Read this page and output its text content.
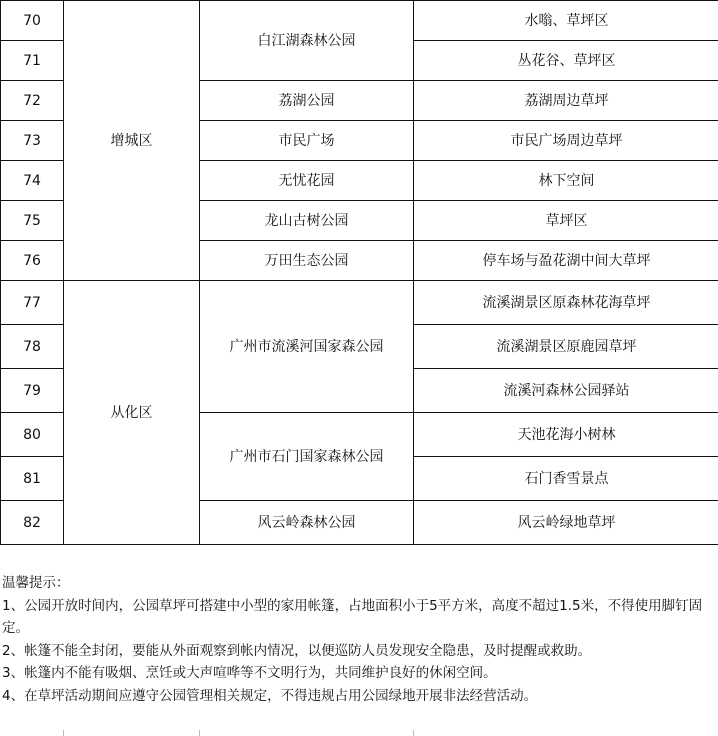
70	增城区	白江湖森林公园	水嗡、草坪区
71			丛花谷、草坪区
72		荔湖公园	荔湖周边草坪
73		市民广场	市民广场周边草坪
74		无忧花园	林下空间
75		龙山古树公园	草坪区
76		万田生态公园	停车场与盈花湖中间大草坪
77	从化区	广州市流溪河国家森公园	流溪湖景区原森林花海草坪
78			流溪湖景区原鹿园草坪
79			流溪河森林公园驿站
80		广州市石门国家森林公园	天池花海小树林
81			石门香雪景点
82		风云岭森林公园	风云岭绿地草坪

温馨提示：

1、公园开放时间内，公园草坪可搭建中小型的家用帐篷，占地面积小于5平方米，高度不超过1.5米，不得使用脚钉固定。

2、帐篷不能全封闭，要能从外面观察到帐内情况，以便巡防人员发现安全隐患，及时提醒或救助。

3、帐篷内不能有吸烟、烹饪或大声喧哗等不文明行为，共同维护良好的休闲空间。

4、在草坪活动期间应遵守公园管理相关规定，不得违规占用公园绿地开展非法经营活动。
